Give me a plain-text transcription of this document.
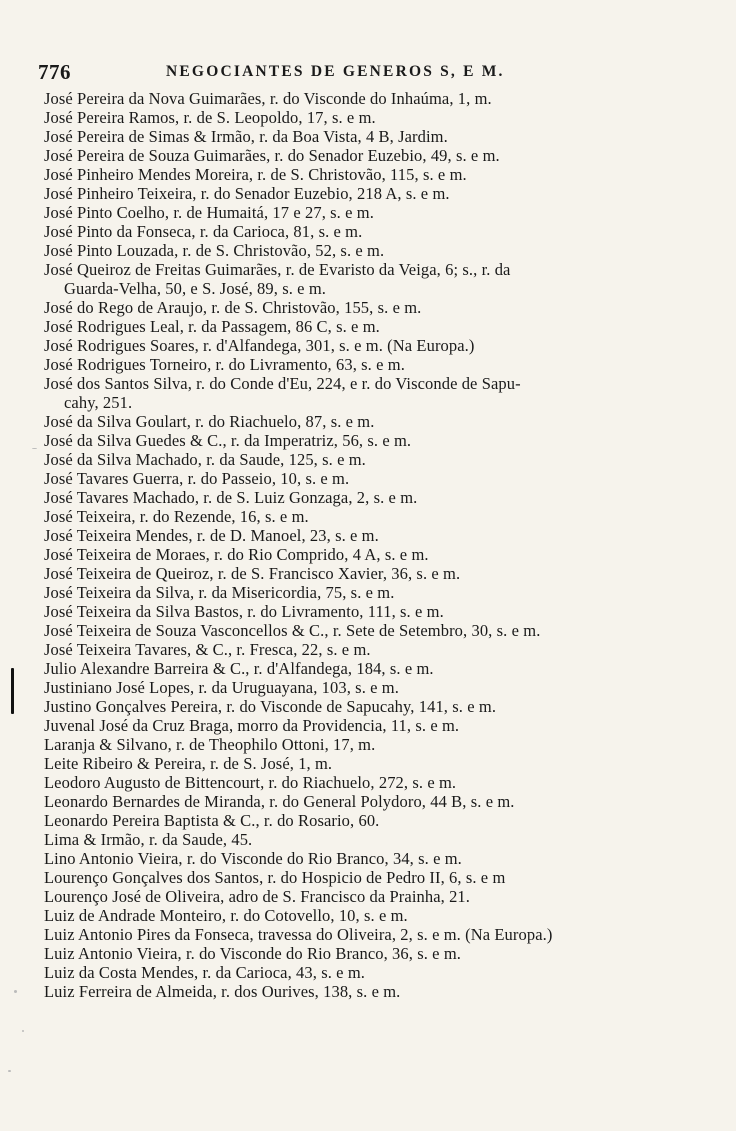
776	NEGOCIANTES DE GENEROS S, E M.
José Pereira da Nova Guimarães, r. do Visconde do Inhaúma, 1, m.
José Pereira Ramos, r. de S. Leopoldo, 17, s. e m.
José Pereira de Simas & Irmão, r. da Boa Vista, 4 B, Jardim.
José Pereira de Souza Guimarães, r. do Senador Euzebio, 49, s. e m.
José Pinheiro Mendes Moreira, r. de S. Christovão, 115, s. e m.
José Pinheiro Teixeira, r. do Senador Euzebio, 218 A, s. e m.
José Pinto Coelho, r. de Humaitá, 17 e 27, s. e m.
José Pinto da Fonseca, r. da Carioca, 81, s. e m.
José Pinto Louzada, r. de S. Christovão, 52, s. e m.
José Queiroz de Freitas Guimarães, r. de Evaristo da Veiga, 6; s., r. da
Guarda-Velha, 50, e S. José, 89, s. e m.
José do Rego de Araujo, r. de S. Christovão, 155, s. e m.
José Rodrigues Leal, r. da Passagem, 86 C, s. e m.
José Rodrigues Soares, r. d'Alfandega, 301, s. e m. (Na Europa.)
José Rodrigues Torneiro, r. do Livramento, 63, s. e m.
José dos Santos Silva, r. do Conde d'Eu, 224, e r. do Visconde de Sapu-
cahy, 251.
José da Silva Goulart, r. do Riachuelo, 87, s. e m.
José da Silva Guedes & C., r. da Imperatriz, 56, s. e m.
José da Silva Machado, r. da Saude, 125, s. e m.
José Tavares Guerra, r. do Passeio, 10, s. e m.
José Tavares Machado, r. de S. Luiz Gonzaga, 2, s. e m.
José Teixeira, r. do Rezende, 16, s. e m.
José Teixeira Mendes, r. de D. Manoel, 23, s. e m.
José Teixeira de Moraes, r. do Rio Comprido, 4 A, s. e m.
José Teixeira de Queiroz, r. de S. Francisco Xavier, 36, s. e m.
José Teixeira da Silva, r. da Misericordia, 75, s. e m.
José Teixeira da Silva Bastos, r. do Livramento, 111, s. e m.
José Teixeira de Souza Vasconcellos & C., r. Sete de Setembro, 30, s. e m.
José Teixeira Tavares, & C., r. Fresca, 22, s. e m.
Julio Alexandre Barreira & C., r. d'Alfandega, 184, s. e m.
Justiniano José Lopes, r. da Uruguayana, 103, s. e m.
Justino Gonçalves Pereira, r. do Visconde de Sapucahy, 141, s. e m.
Juvenal José da Cruz Braga, morro da Providencia, 11, s. e m.
Laranja & Silvano, r. de Theophilo Ottoni, 17, m.
Leite Ribeiro & Pereira, r. de S. José, 1, m.
Leodoro Augusto de Bittencourt, r. do Riachuelo, 272, s. e m.
Leonardo Bernardes de Miranda, r. do General Polydoro, 44 B, s. e m.
Leonardo Pereira Baptista & C., r. do Rosario, 60.
Lima & Irmão, r. da Saude, 45.
Lino Antonio Vieira, r. do Visconde do Rio Branco, 34, s. e m.
Lourenço Gonçalves dos Santos, r. do Hospicio de Pedro II, 6, s. e m
Lourenço José de Oliveira, adro de S. Francisco da Prainha, 21.
Luiz de Andrade Monteiro, r. do Cotovello, 10, s. e m.
Luiz Antonio Pires da Fonseca, travessa do Oliveira, 2, s. e m. (Na Europa.)
Luiz Antonio Vieira, r. do Visconde do Rio Branco, 36, s. e m.
Luiz da Costa Mendes, r. da Carioca, 43, s. e m.
Luiz Ferreira de Almeida, r. dos Ourives, 138, s. e m.
